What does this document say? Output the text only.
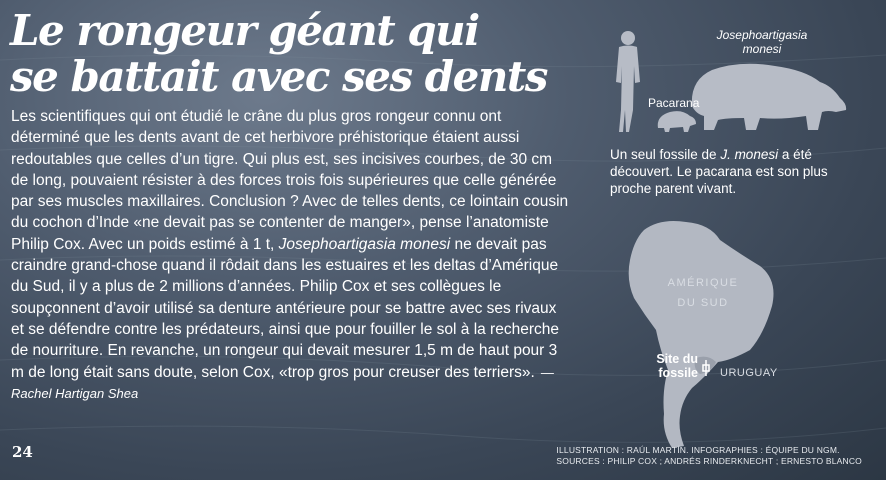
Le rongeur géant qui
se battait avec ses dents

Les scientifiques qui ont étudié le crâne du plus gros rongeur connu ont déterminé que les dents avant de cet herbivore préhistorique étaient aussi redoutables que celles d’un tigre. Qui plus est, ses incisives courbes, de 30 cm de long, pouvaient résister à des forces trois fois supérieures que celle générée par ses muscles maxillaires. Conclusion ? Avec de telles dents, ce lointain cousin du cochon d’Inde «ne devait pas se contenter de manger», pense l’anatomiste Philip Cox. Avec un poids estimé à 1 t, Josephoartigasia monesi ne devait pas craindre grand-chose quand il rôdait dans les estuaires et les deltas d’Amérique du Sud, il y a plus de 2 millions d’années. Philip Cox et ses collègues le soupçonnent d’avoir utilisé sa denture antérieure pour se battre avec ses rivaux et se défendre contre les prédateurs, ainsi que pour fouiller le sol à la recherche de nourriture. En revanche, un rongeur qui devait mesurer 1,5 m de haut pour 3 m de long était sans doute, selon Cox, «trop gros pour creuser des terriers». — Rachel Hartigan Shea

Josephoartigasia
monesi
Pacarana

Un seul fossile de J. monesi a été découvert. Le pacarana est son plus proche parent vivant.

AMÉRIQUE
DU SUD
Site du
fossile URUGUAY
24	ILLUSTRATION : RAÚL MARTÍN. INFOGRAPHIES : ÉQUIPE DU NGM.
SOURCES : PHILIP COX ; ANDRÉS RINDERKNECHT ; ERNESTO BLANCO
